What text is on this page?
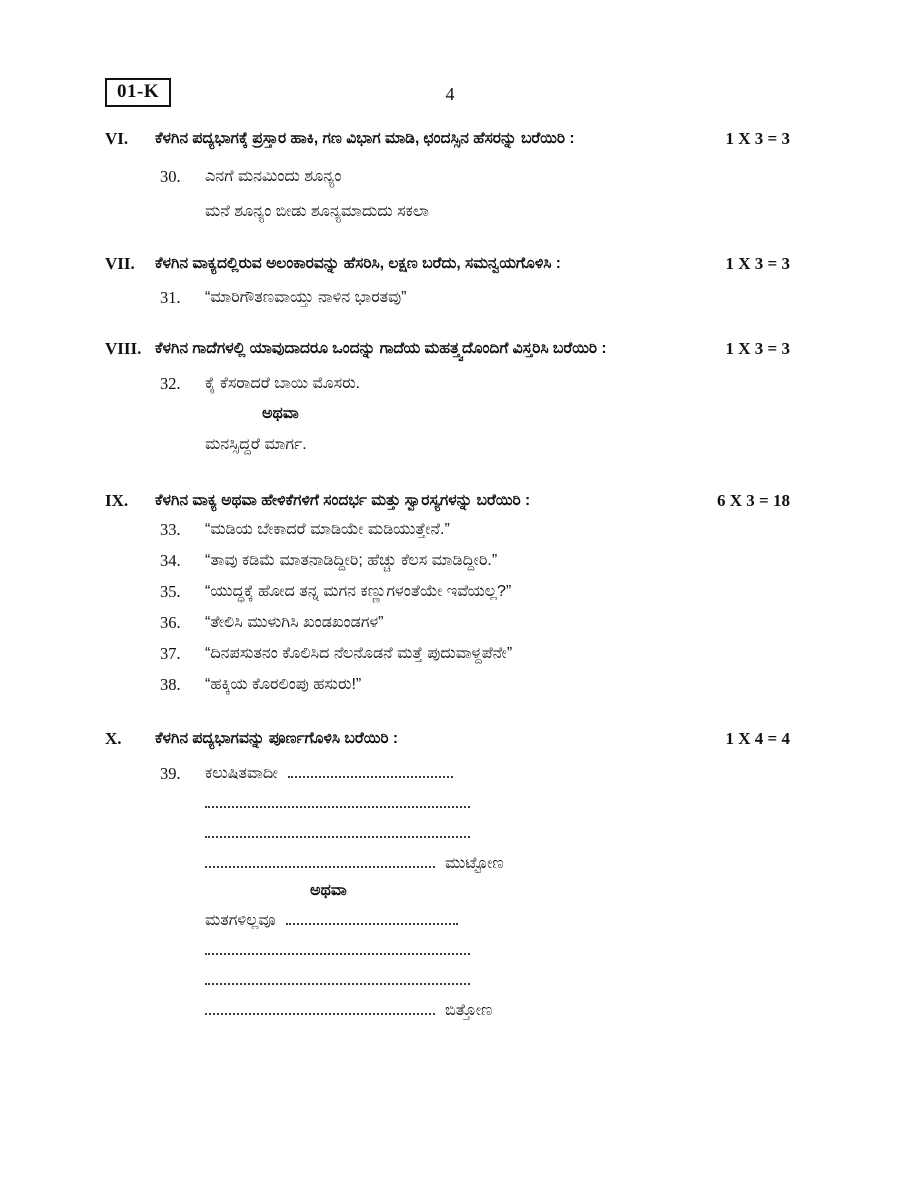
01-K	4
VI.	ಕೆಳಗಿನ ಪದ್ಯಭಾಗಕ್ಕೆ ಪ್ರಸ್ತಾರ ಹಾಕಿ, ಗಣ ವಿಭಾಗ ಮಾಡಿ, ಛಂದಸ್ಸಿನ ಹೆಸರನ್ನು ಬರೆಯಿರಿ :	1 X 3 = 3
30.	ಎನಗೆ ಮನಮಿಂದು ಶೂನ್ಯಂ
ಮನೆ ಶೂನ್ಯಂ ಬೀಡು ಶೂನ್ಯಮಾದುದು ಸಕಲಾ
VII.	ಕೆಳಗಿನ ವಾಕ್ಯದಲ್ಲಿರುವ ಅಲಂಕಾರವನ್ನು ಹೆಸರಿಸಿ, ಲಕ್ಷಣ ಬರೆದು, ಸಮನ್ವಯಗೊಳಿಸಿ :	1 X 3 = 3
31.	“ಮಾರಿಗೌತಣವಾಯ್ತು ನಾಳಿನ ಭಾರತವು”
VIII. ಕೆಳಗಿನ ಗಾದೆಗಳಲ್ಲಿ ಯಾವುದಾದರೂ ಒಂದನ್ನು ಗಾದೆಯ ಮಹತ್ತ್ವದೊಂದಿಗೆ ವಿಸ್ತರಿಸಿ ಬರೆಯಿರಿ :	1 X 3 = 3
32.	ಕೈ ಕೆಸರಾದರೆ ಬಾಯಿ ಮೊಸರು.
ಅಥವಾ
ಮನಸ್ಸಿದ್ದರೆ ಮಾರ್ಗ.
IX.	ಕೆಳಗಿನ ವಾಕ್ಯ ಅಥವಾ ಹೇಳಿಕೆಗಳಿಗೆ ಸಂದರ್ಭ ಮತ್ತು ಸ್ವಾರಸ್ಯಗಳನ್ನು ಬರೆಯಿರಿ :	6 X 3 = 18
33.	“ಮಡಿಯ ಬೇಕಾದರೆ ಮಾಡಿಯೇ ಮಡಿಯುತ್ತೇನೆ.”
34.	“ತಾವು ಕಡಿಮೆ ಮಾತನಾಡಿದ್ದೀರಿ; ಹೆಚ್ಚು ಕೆಲಸ ಮಾಡಿದ್ದೀರಿ.”
35.	“ಯುದ್ಧಕ್ಕೆ ಹೋದ ತನ್ನ ಮಗನ ಕಣ್ಣುಗಳಂತೆಯೇ ಇವೆಯಲ್ಲ?”
36.	“ತೇಲಿಸಿ ಮುಳುಗಿಸಿ ಖಂಡಖಂಡಗಳ”
37.	“ದಿನಪಸುತನಂ ಕೊಲಿಸಿದ ನೆಲನೊಡನೆ ಮತ್ತೆ ಪುದುವಾಳ್ದಪೆನೇ”
38.	“ಹಕ್ಕಿಯ ಕೊರಲಿಂಪು ಹಸುರು!”
X.	ಕೆಳಗಿನ ಪದ್ಯಭಾಗವನ್ನು ಪೂರ್ಣಗೊಳಿಸಿ ಬರೆಯಿರಿ :	1 X 4 = 4
39.	ಕಲುಷಿತವಾದೀ
ಮುಟ್ಟೋಣ
ಅಥವಾ
ಮತಗಳಿಲ್ಲವೂ
ಬಿತ್ತೋಣ
